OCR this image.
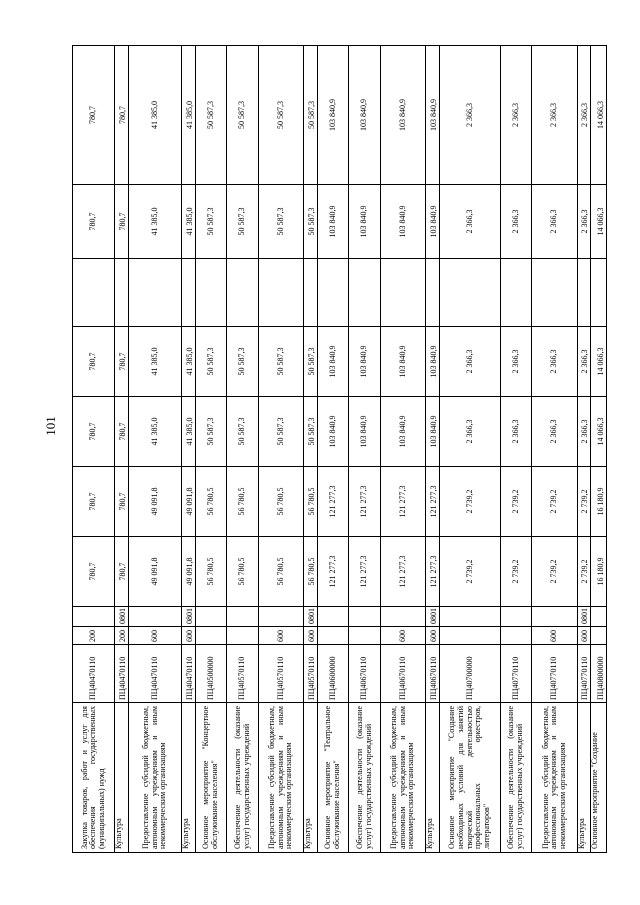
101
Закупка товаров, работ и услуг для обеспечения государственных (муниципальных) нужд	ПЦ40470110	200		780,7	780,7	780,7	780,7		780,7	780,7
Культура	ПЦ40470110	200	0801	780,7	780,7	780,7	780,7		780,7	780,7
Предоставление субсидий бюджетным, автономным учреждениям и иным некоммерческим организациям	ПЦ40470110	600		49 091,8	49 091,8	41 385,0	41 385,0		41 385,0	41 385,0
Культура	ПЦ40470110	600	0801	49 091,8	49 091,8	41 385,0	41 385,0		41 385,0	41 385,0
Основное мероприятие "Концертное обслуживание населения"	ПЦ40500000			56 780,5	56 780,5	50 587,3	50 587,3		50 587,3	50 587,3
Обеспечение деятельности (оказание услуг) государственных учреждений	ПЦ40570110			56 780,5	56 780,5	50 587,3	50 587,3		50 587,3	50 587,3
Предоставление субсидий бюджетным, автономным учреждениям и иным некоммерческим организациям	ПЦ40570110	600		56 780,5	56 780,5	50 587,3	50 587,3		50 587,3	50 587,3
Культура	ПЦ40570110	600	0801	56 780,5	56 780,5	50 587,3	50 587,3		50 587,3	50 587,3
Основное мероприятие "Театральное обслуживание населения"	ПЦ40600000			121 277,3	121 277,3	103 840,9	103 840,9		103 840,9	103 840,9
Обеспечение деятельности (оказание услуг) государственных учреждений	ПЦ40670110			121 277,3	121 277,3	103 840,9	103 840,9		103 840,9	103 840,9
Предоставление субсидий бюджетным, автономным учреждениям и иным некоммерческим организациям	ПЦ40670110	600		121 277,3	121 277,3	103 840,9	103 840,9		103 840,9	103 840,9
Культура	ПЦ40670110	600	0801	121 277,3	121 277,3	103 840,9	103 840,9		103 840,9	103 840,9
Основное мероприятие "Создание необходимых условий для занятий творческой деятельностью профессиональных оркестров, литераторов"	ПЦ40700000			2 739,2	2 739,2	2 366,3	2 366,3		2 366,3	2 366,3
Обеспечение деятельности (оказание услуг) государственных учреждений	ПЦ40770110			2 739,2	2 739,2	2 366,3	2 366,3		2 366,3	2 366,3
Предоставление субсидий бюджетным, автономным учреждениям и иным некоммерческим организациям	ПЦ40770110	600		2 739,2	2 739,2	2 366,3	2 366,3		2 366,3	2 366,3
Культура	ПЦ40770110	600	0801	2 739,2	2 739,2	2 366,3	2 366,3		2 366,3	2 366,3
Основное мероприятие "Создание	ПЦ40800000			16 180,9	16 180,9	14 066,3	14 066,3		14 066,3	14 066,3
